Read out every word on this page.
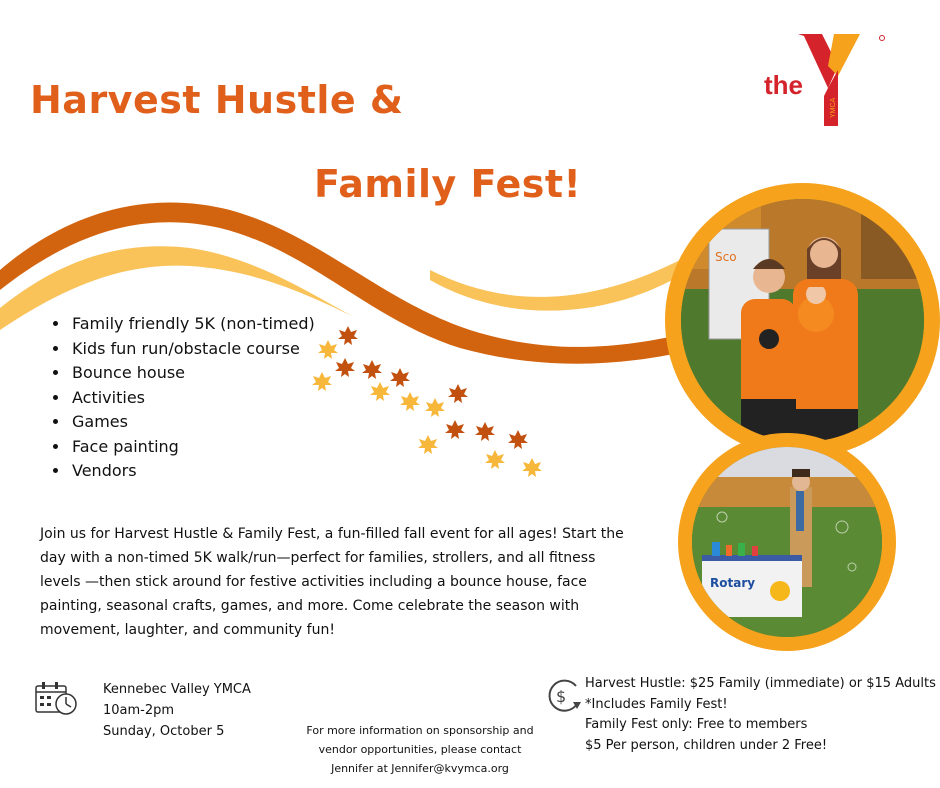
Harvest Hustle &
Family Fest!
the
YMCA
• Family friendly 5K (non-timed)
• Kids fun run/obstacle course
• Bounce house
• Activities
• Games
• Face painting
• Vendors
Join us for Harvest Hustle & Family Fest, a fun-filled fall event for all ages! Start the day with a non-timed 5K walk/run—perfect for families, strollers, and all fitness levels —then stick around for festive activities including a bounce house, face painting, seasonal crafts, games, and more. Come celebrate the season with movement, laughter, and community fun!
Sco
Rotary
Kennebec Valley YMCA
10am-2pm
Sunday, October 5	For more information on sponsorship and
vendor opportunities, please contact
Jennifer at Jennifer@kvymca.org
$
Harvest Hustle: $25 Family (immediate) or $15 Adults
*Includes Family Fest!
Family Fest only: Free to members
$5 Per person, children under 2 Free!
